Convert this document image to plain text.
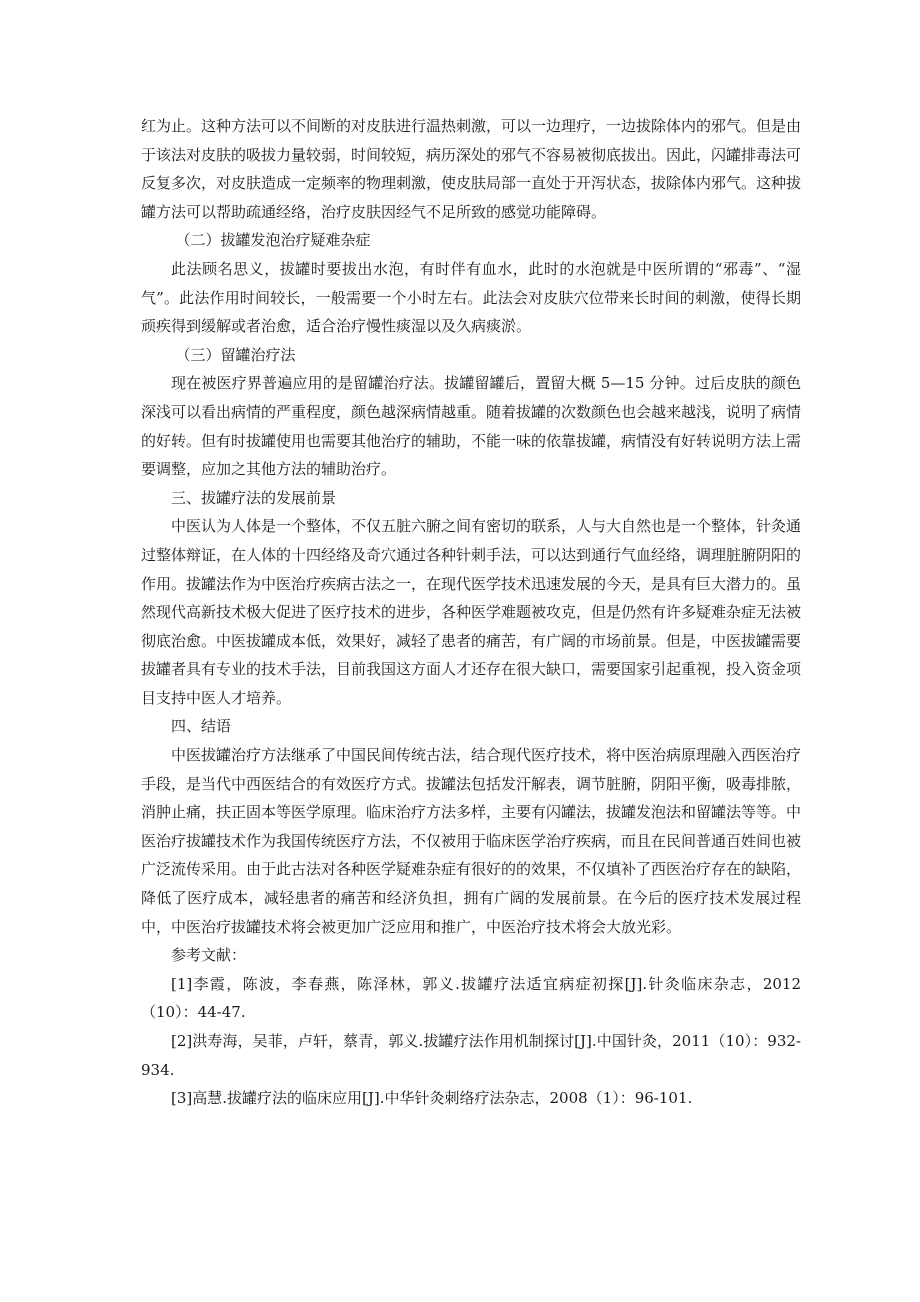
红为止。这种方法可以不间断的对皮肤进行温热刺激，可以一边理疗，一边拔除体内的邪气。但是由于该法对皮肤的吸拔力量较弱，时间较短，病历深处的邪气不容易被彻底拔出。因此，闪罐排毒法可反复多次，对皮肤造成一定频率的物理刺激，使皮肤局部一直处于开泻状态，拔除体内邪气。这种拔罐方法可以帮助疏通经络，治疗皮肤因经气不足所致的感觉功能障碍。

（二）拔罐发泡治疗疑难杂症

此法顾名思义，拔罐时要拔出水泡，有时伴有血水，此时的水泡就是中医所谓的“邪毒”、“湿气”。此法作用时间较长，一般需要一个小时左右。此法会对皮肤穴位带来长时间的刺激，使得长期顽疾得到缓解或者治愈，适合治疗慢性痰湿以及久病痰淤。

（三）留罐治疗法

现在被医疗界普遍应用的是留罐治疗法。拔罐留罐后，置留大概 5—15 分钟。过后皮肤的颜色深浅可以看出病情的严重程度，颜色越深病情越重。随着拔罐的次数颜色也会越来越浅，说明了病情的好转。但有时拔罐使用也需要其他治疗的辅助，不能一味的依靠拔罐，病情没有好转说明方法上需要调整，应加之其他方法的辅助治疗。

三、拔罐疗法的发展前景

中医认为人体是一个整体，不仅五脏六腑之间有密切的联系，人与大自然也是一个整体，针灸通过整体辩证，在人体的十四经络及奇穴通过各种针刺手法，可以达到通行气血经络，调理脏腑阴阳的作用。拔罐法作为中医治疗疾病古法之一，在现代医学技术迅速发展的今天，是具有巨大潜力的。虽然现代高新技术极大促进了医疗技术的进步，各种医学难题被攻克，但是仍然有许多疑难杂症无法被彻底治愈。中医拔罐成本低，效果好，减轻了患者的痛苦，有广阔的市场前景。但是，中医拔罐需要拔罐者具有专业的技术手法，目前我国这方面人才还存在很大缺口，需要国家引起重视，投入资金项目支持中医人才培养。

四、结语

中医拔罐治疗方法继承了中国民间传统古法，结合现代医疗技术，将中医治病原理融入西医治疗手段，是当代中西医结合的有效医疗方式。拔罐法包括发汗解表，调节脏腑，阴阳平衡，吸毒排脓，消肿止痛，扶正固本等医学原理。临床治疗方法多样，主要有闪罐法，拔罐发泡法和留罐法等等。中医治疗拔罐技术作为我国传统医疗方法，不仅被用于临床医学治疗疾病，而且在民间普通百姓间也被广泛流传采用。由于此古法对各种医学疑难杂症有很好的的效果，不仅填补了西医治疗存在的缺陷，降低了医疗成本，减轻患者的痛苦和经济负担，拥有广阔的发展前景。在今后的医疗技术发展过程中，中医治疗拔罐技术将会被更加广泛应用和推广，中医治疗技术将会大放光彩。

参考文献：

[1]李霞，陈波，李春燕，陈泽林，郭义.拔罐疗法适宜病症初探[J].针灸临床杂志，2012（10）：44-47.

[2]洪寿海，吴菲，卢轩，蔡青，郭义.拔罐疗法作用机制探讨[J].中国针灸，2011（10）：932-934.

[3]高慧.拔罐疗法的临床应用[J].中华针灸刺络疗法杂志，2008（1）：96-101.
